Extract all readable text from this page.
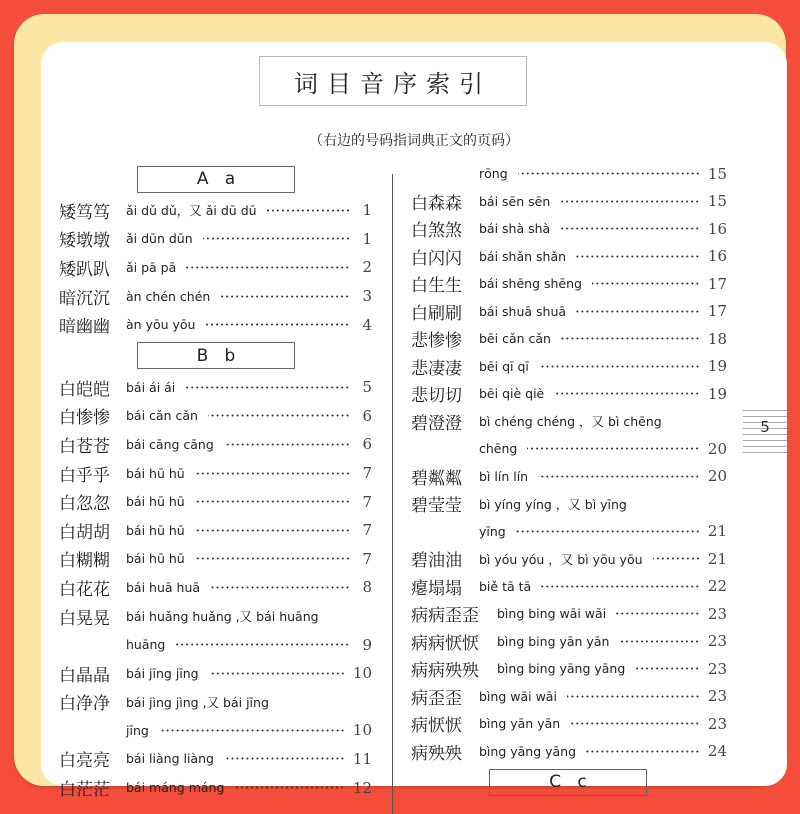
词目音序索引
（右边的号码指词典正文的页码）
A   a
矮笃笃	ǎi dǔ dǔ，又 ǎi dū dū	1
矮墩墩	ǎi dūn dūn	1
矮趴趴	ǎi pā pā	2
暗沉沉	àn chén chén	3
暗幽幽	àn yōu yōu	4
B   b
白皑皑	bái ái ái	5
白惨惨	bái cǎn cǎn	6
白苍苍	bái cāng cāng	6
白乎乎	bái hū hū	7
白忽忽	bái hū hū	7
白胡胡	bái hū hū	7
白糊糊	bái hū hū	7
白花花	bái huā huā	8
白晃晃	bái huǎng huǎng ,又 bái huāng
huāng	9
白晶晶	bái jīng jīng	10
白净净	bái jìng jìng ,又 bái jīng
jīng	10
白亮亮	bái liàng liàng	11
白茫茫	bái máng máng	12
rōng	15
白森森	bái sēn sēn	15
白煞煞	bái shà shà	16
白闪闪	bái shǎn shǎn	16
白生生	bái shēng shēng	17
白刷刷	bái shuā shuā	17
悲惨惨	bēi cǎn cǎn	18
悲凄凄	bēi qī qī	19
悲切切	bēi qiè qiè	19
碧澄澄	bì chéng chéng ，又 bì chēng
chēng	20
碧粼粼	bì lín lín	20
碧莹莹	bì yíng yíng ，又 bì yīng
yīng	21
碧油油	bì yóu yóu ，又 bì yōu yōu	21
瘪塌塌	biě tā tā	22
病病歪歪	bìng bing wāi wāi	23
病病恹恹	bìng bing yān yān	23
病病殃殃	bìng bing yāng yāng	23
病歪歪	bìng wāi wāi	23
病恹恹	bìng yān yān	23
病殃殃	bìng yāng yāng	24
C   c
5
